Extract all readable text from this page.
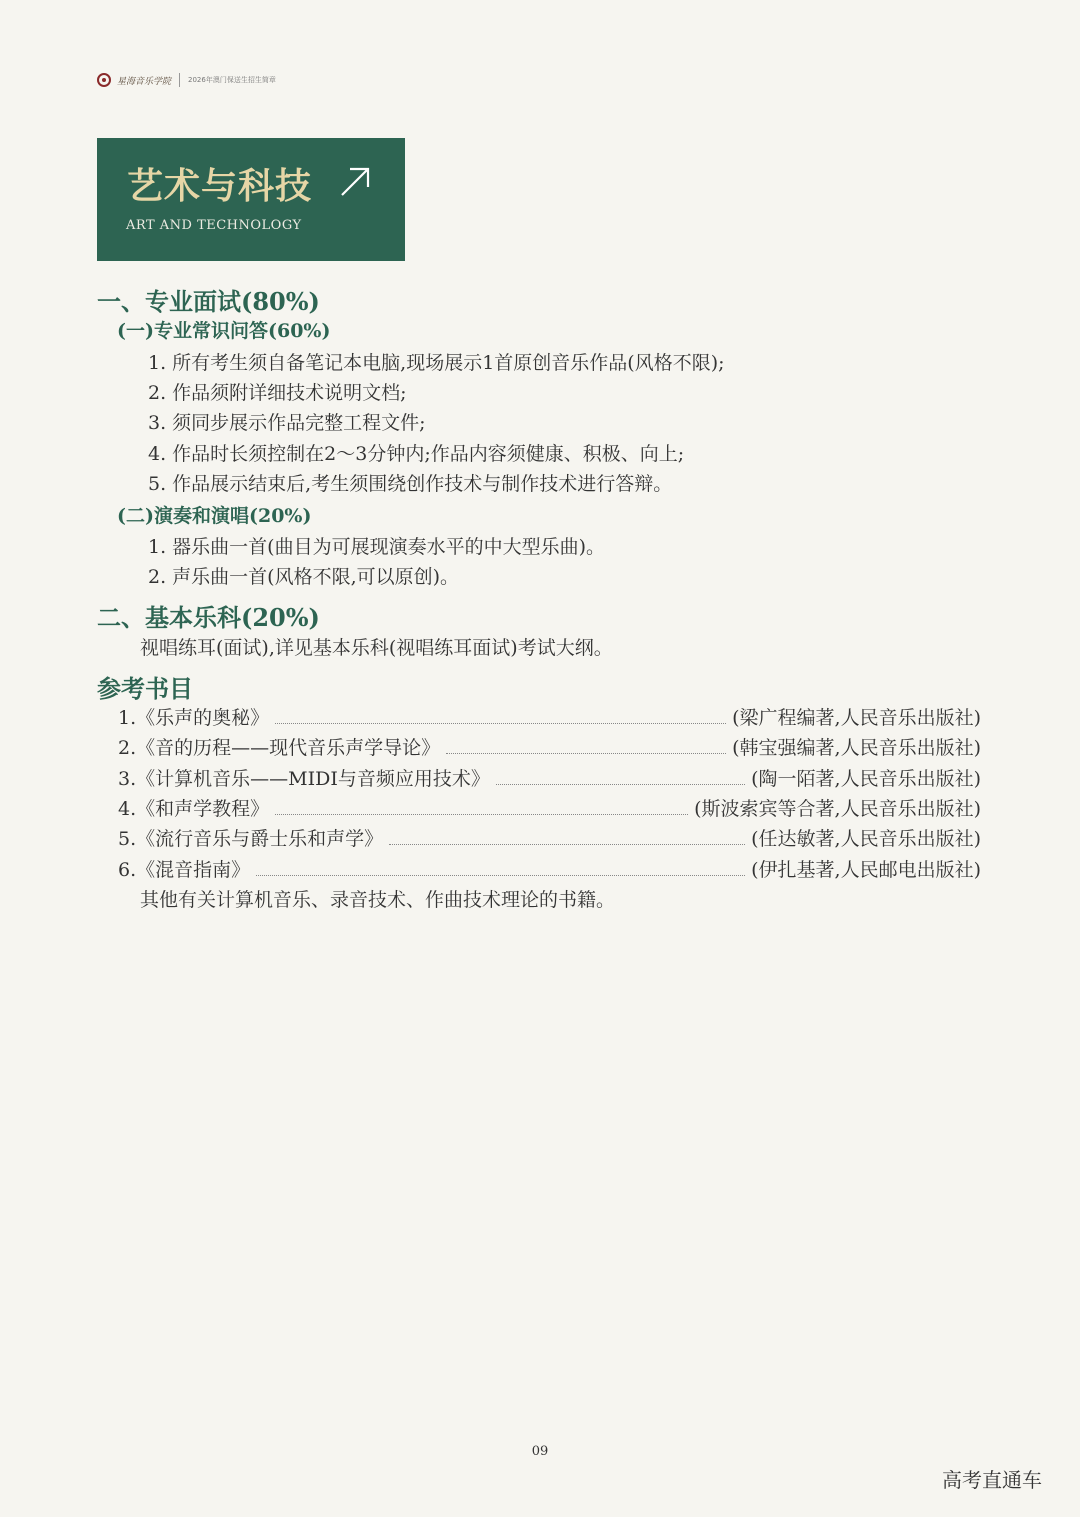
星海音乐学院 2026年澳门保送生招生简章
艺术与科技
ART AND TECHNOLOGY
一、专业面试(80%)
(一)专业常识问答(60%)
1. 所有考生须自备笔记本电脑,现场展示1首原创音乐作品(风格不限);
2. 作品须附详细技术说明文档;
3. 须同步展示作品完整工程文件;
4. 作品时长须控制在2～3分钟内;作品内容须健康、积极、向上;
5. 作品展示结束后,考生须围绕创作技术与制作技术进行答辩。
(二)演奏和演唱(20%)
1. 器乐曲一首(曲目为可展现演奏水平的中大型乐曲)。
2. 声乐曲一首(风格不限,可以原创)。
二、基本乐科(20%)
视唱练耳(面试),详见基本乐科(视唱练耳面试)考试大纲。
参考书目
1.《乐声的奥秘》	(梁广程编著,人民音乐出版社)
2.《音的历程——现代音乐声学导论》	(韩宝强编著,人民音乐出版社)
3.《计算机音乐——MIDI与音频应用技术》	(陶一陌著,人民音乐出版社)
4.《和声学教程》	(斯波索宾等合著,人民音乐出版社)
5.《流行音乐与爵士乐和声学》	(任达敏著,人民音乐出版社)
6.《混音指南》	(伊扎基著,人民邮电出版社)
其他有关计算机音乐、录音技术、作曲技术理论的书籍。
09
高考直通车
